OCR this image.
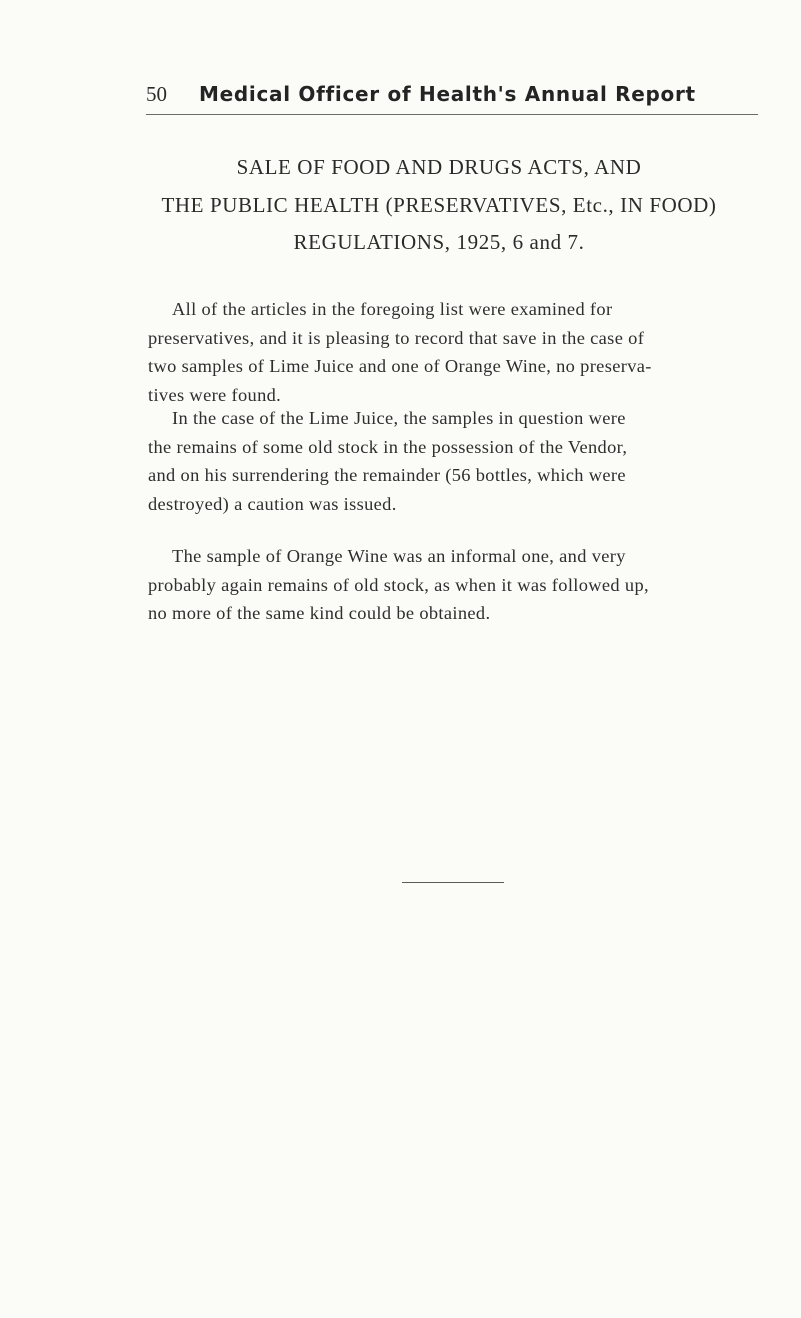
50 Medical Officer of Health's Annual Report
SALE OF FOOD AND DRUGS ACTS, AND
THE PUBLIC HEALTH (PRESERVATIVES, Etc., IN FOOD)
REGULATIONS, 1925, 6 and 7.

All of the articles in the foregoing list were examined for
preservatives, and it is pleasing to record that save in the case of
two samples of Lime Juice and one of Orange Wine, no preserva-
tives were found.

In the case of the Lime Juice, the samples in question were
the remains of some old stock in the possession of the Vendor,
and on his surrendering the remainder (56 bottles, which were
destroyed) a caution was issued.

The sample of Orange Wine was an informal one, and very
probably again remains of old stock, as when it was followed up,
no more of the same kind could be obtained.
